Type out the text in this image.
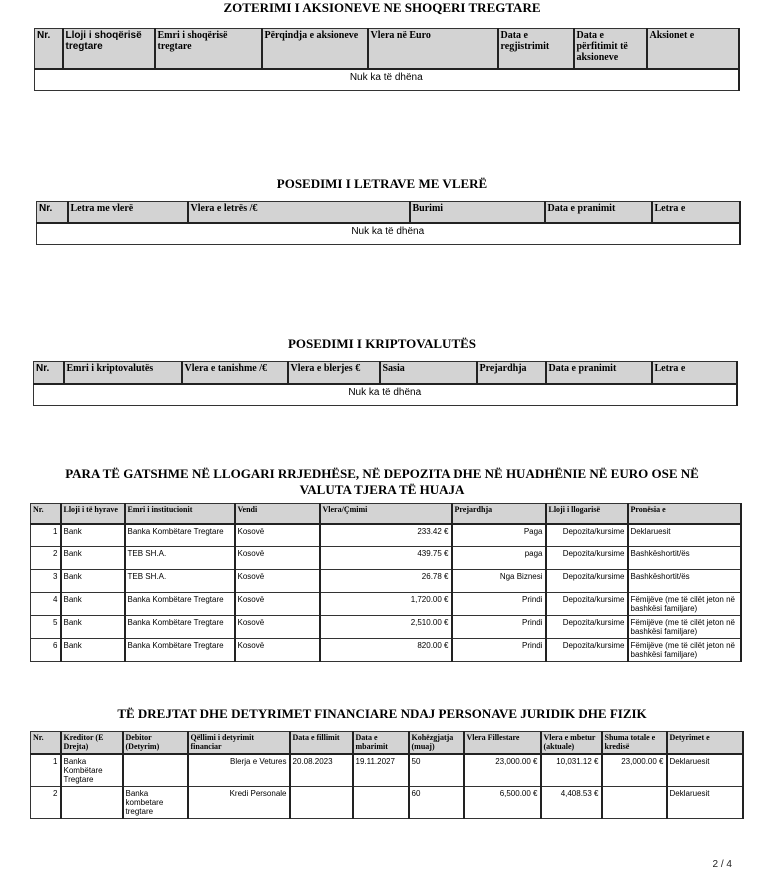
ZOTERIMI I AKSIONEVE NE SHOQERI TREGTARE
Nr.	Lloji i shoqërisë tregtare	Emri i shoqërisë tregtare	Përqindja e aksioneve	Vlera në Euro	Data e regjistrimit	Data e përfitimit të aksioneve	Aksionet e
Nuk ka të dhëna
POSEDIMI I LETRAVE ME VLERË
Nr.	Letra me vlerë	Vlera e letrës /€	Burimi	Data e pranimit	Letra e
Nuk ka të dhëna
POSEDIMI I KRIPTOVALUTËS
Nr.	Emri i kriptovalutës	Vlera e tanishme /€	Vlera e blerjes €	Sasia	Prejardhja	Data e pranimit	Letra e
Nuk ka të dhëna
PARA TË GATSHME NË LLOGARI RRJEDHËSE, NË DEPOZITA DHE NË HUADHËNIE NË EURO OSE NË
VALUTA TJERA TË HUAJA
Nr.	Lloji i të hyrave	Emri i institucionit	Vendi	Vlera/Çmimi	Prejardhja	Lloji i llogarisë	Pronësia e
1	Bank	Banka Kombëtare Tregtare	Kosovë	233.42 €	Paga	Depozita/kursime	Deklaruesit
2	Bank	TEB SH.A.	Kosovë	439.75 €	paga	Depozita/kursime	Bashkëshortit/ës
3	Bank	TEB SH.A.	Kosovë	26.78 €	Nga Biznesi	Depozita/kursime	Bashkëshortit/ës
4	Bank	Banka Kombëtare Tregtare	Kosovë	1,720.00 €	Prindi	Depozita/kursime	Fëmijëve (me të cilët jeton në bashkësi familjare)
5	Bank	Banka Kombëtare Tregtare	Kosovë	2,510.00 €	Prindi	Depozita/kursime	Fëmijëve (me të cilët jeton në bashkësi familjare)
6	Bank	Banka Kombëtare Tregtare	Kosovë	820.00 €	Prindi	Depozita/kursime	Fëmijëve (me të cilët jeton në bashkësi familjare)
TË DREJTAT DHE DETYRIMET FINANCIARE NDAJ PERSONAVE JURIDIK DHE FIZIK
Nr.	Kreditor (E Drejta)	Debitor (Detyrim)	Qëllimi i detyrimit financiar	Data e fillimit	Data e mbarimit	Kohëzgjatja (muaj)	Vlera Fillestare	Vlera e mbetur (aktuale)	Shuma totale e kredisë	Detyrimet e
1	Banka Kombëtare Tregtare		Blerja e Vetures	20.08.2023	19.11.2027	50	23,000.00 €	10,031.12 €	23,000.00 €	Deklaruesit
2		Banka kombetare tregtare	Kredi Personale			60	6,500.00 €	4,408.53 €		Deklaruesit
2 / 4
